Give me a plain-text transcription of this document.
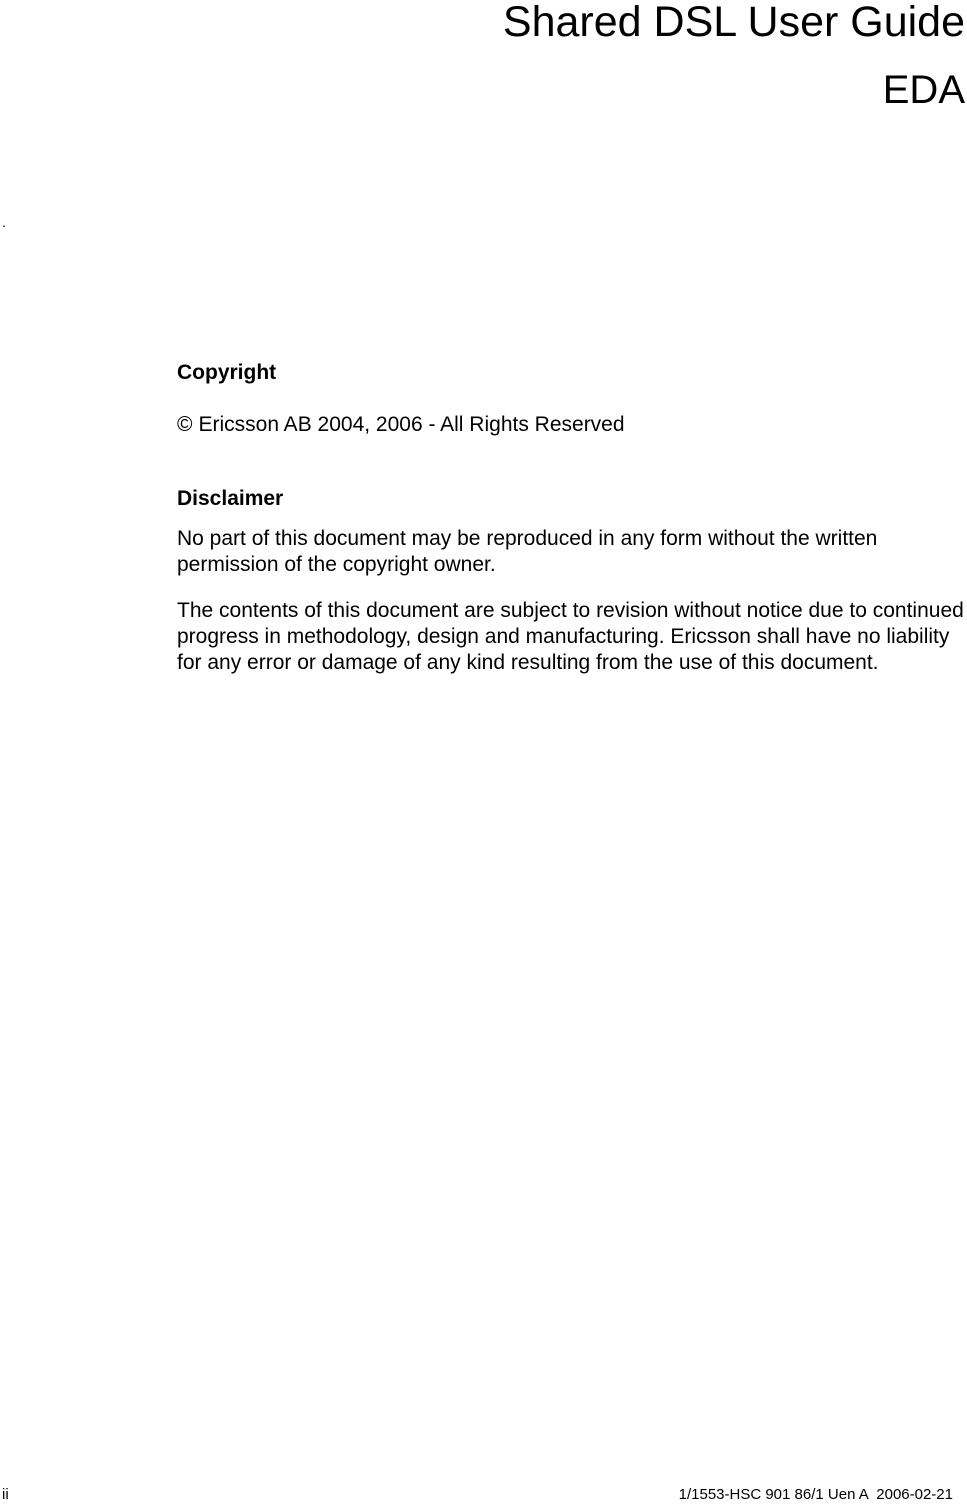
Shared DSL User Guide
EDA
.
Copyright

© Ericsson AB 2004, 2006 - All Rights Reserved

Disclaimer

No part of this document may be reproduced in any form without the written permission of the copyright owner.

The contents of this document are subject to revision without notice due to continued progress in methodology, design and manufacturing. Ericsson shall have no liability for any error or damage of any kind resulting from the use of this document.

ii	1/1553-HSC 901 86/1 Uen A  2006-02-21
